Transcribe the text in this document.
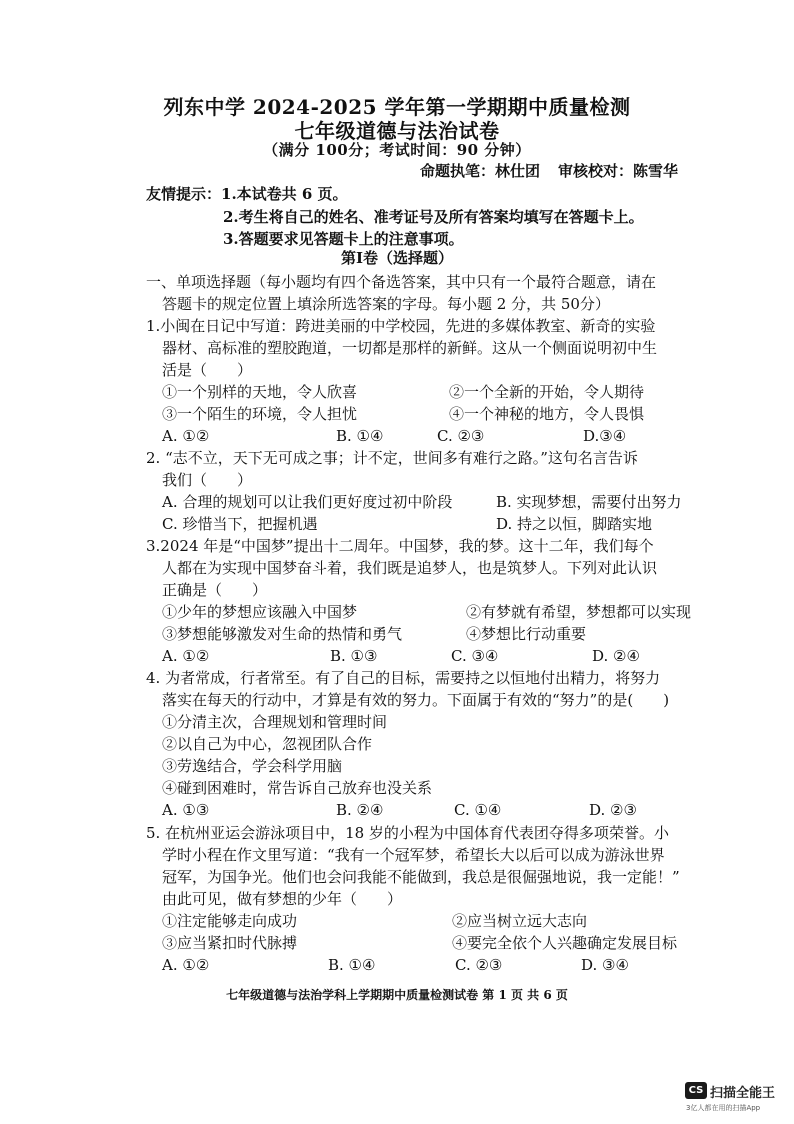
列东中学 2024-2025 学年第一学期期中质量检测
七年级道德与法治试卷
（满分 100分；考试时间：90 分钟）
命题执笔：林仕团 审核校对：陈雪华
友情提示：1.本试卷共 6 页。
2.考生将自己的姓名、准考证号及所有答案均填写在答题卡上。
3.答题要求见答题卡上的注意事项。
第Ⅰ卷（选择题）
一、单项选择题（每小题均有四个备选答案，其中只有一个最符合题意，请在
答题卡的规定位置上填涂所选答案的字母。每小题 2 分，共 50分）
1.小闽在日记中写道：跨进美丽的中学校园，先进的多媒体教室、新奇的实验
器材、高标准的塑胶跑道，一切都是那样的新鲜。这从一个侧面说明初中生
活是（　　）
①一个别样的天地，令人欣喜	②一个全新的开始，令人期待
③一个陌生的环境，令人担忧	④一个神秘的地方，令人畏惧
A. ①②	B. ①④	C. ②③	D.③④
2. “志不立，天下无可成之事；计不定，世间多有难行之路。”这句名言告诉
我们（　　）
A. 合理的规划可以让我们更好度过初中阶段	B. 实现梦想，需要付出努力
C. 珍惜当下，把握机遇	D. 持之以恒，脚踏实地
3.2024 年是“中国梦”提出十二周年。中国梦，我的梦。这十二年，我们每个
人都在为实现中国梦奋斗着，我们既是追梦人，也是筑梦人。下列对此认识
正确是（　　）
①少年的梦想应该融入中国梦	②有梦就有希望，梦想都可以实现
③梦想能够激发对生命的热情和勇气	④梦想比行动重要
A. ①②	B. ①③	C. ③④	D. ②④
4. 为者常成，行者常至。有了自己的目标，需要持之以恒地付出精力，将努力
落实在每天的行动中，才算是有效的努力。下面属于有效的“努力”的是(　　)
①分清主次，合理规划和管理时间
②以自己为中心，忽视团队合作
③劳逸结合，学会科学用脑
④碰到困难时，常告诉自己放弃也没关系
A. ①③	B. ②④	C. ①④	D. ②③
5. 在杭州亚运会游泳项目中，18 岁的小程为中国体育代表团夺得多项荣誉。小
学时小程在作文里写道：“我有一个冠军梦，希望长大以后可以成为游泳世界
冠军，为国争光。他们也会问我能不能做到，我总是很倔强地说，我一定能！”
由此可见，做有梦想的少年（　　）
①注定能够走向成功	②应当树立远大志向
③应当紧扣时代脉搏	④要完全依个人兴趣确定发展目标
A. ①②	B. ①④	C. ②③	D. ③④
七年级道德与法治学科上学期期中质量检测试卷 第 1 页 共 6 页
CS 扫描全能王
3亿人都在用的扫描App
